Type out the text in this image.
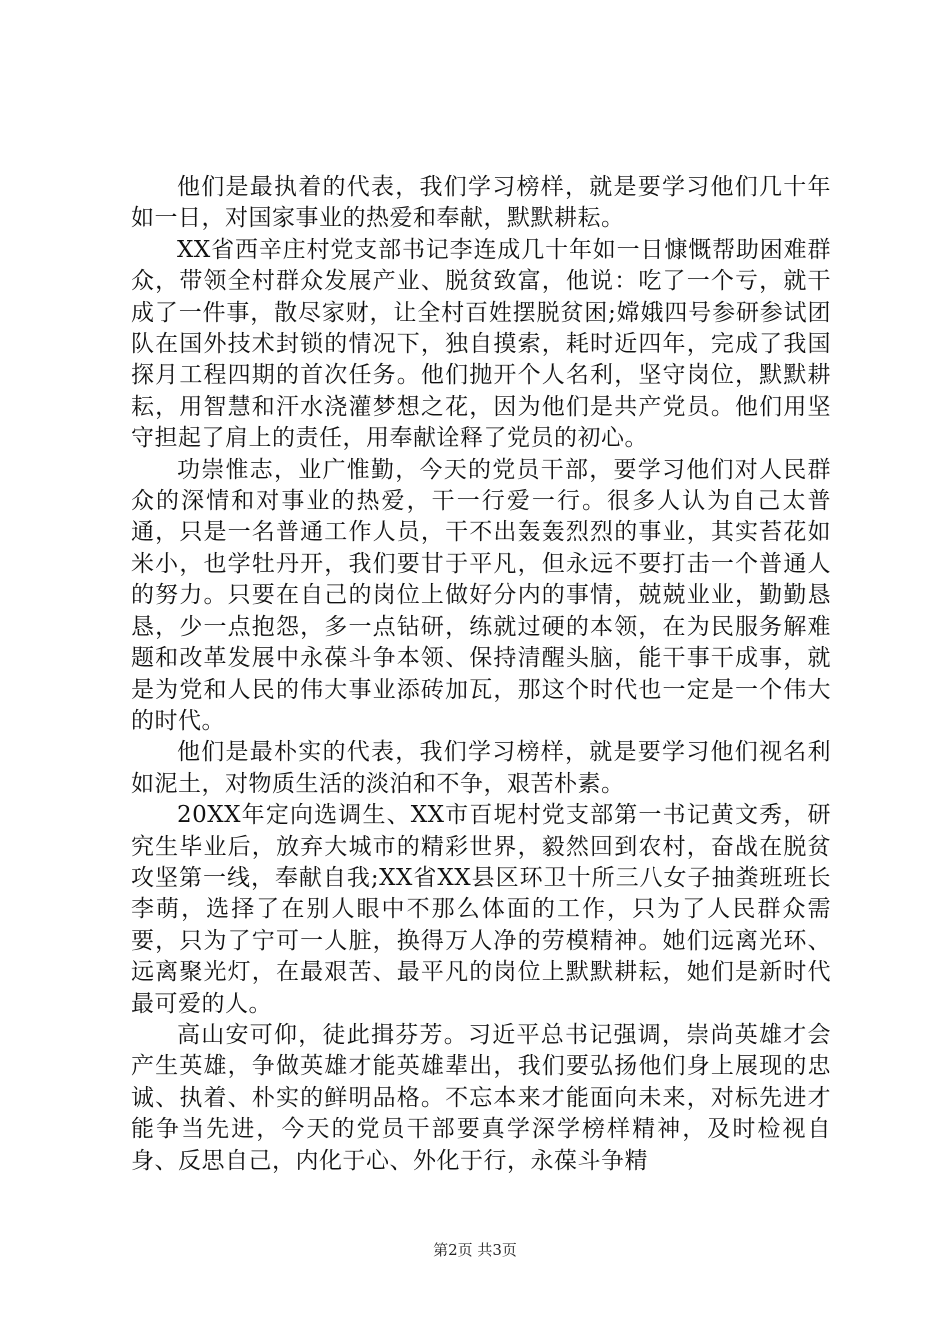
他们是最执着的代表，我们学习榜样，就是要学习他们几十年如一日，对国家事业的热爱和奉献，默默耕耘。

XX省西辛庄村党支部书记李连成几十年如一日慷慨帮助困难群众，带领全村群众发展产业、脱贫致富，他说：吃了一个亏，就干成了一件事，散尽家财，让全村百姓摆脱贫困;嫦娥四号参研参试团队在国外技术封锁的情况下，独自摸索，耗时近四年，完成了我国探月工程四期的首次任务。他们抛开个人名利，坚守岗位，默默耕耘，用智慧和汗水浇灌梦想之花，因为他们是共产党员。他们用坚守担起了肩上的责任，用奉献诠释了党员的初心。

功崇惟志，业广惟勤，今天的党员干部，要学习他们对人民群众的深情和对事业的热爱，干一行爱一行。很多人认为自己太普通，只是一名普通工作人员，干不出轰轰烈烈的事业，其实苔花如米小，也学牡丹开，我们要甘于平凡，但永远不要打击一个普通人的努力。只要在自己的岗位上做好分内的事情，兢兢业业，勤勤恳恳，少一点抱怨，多一点钻研，练就过硬的本领，在为民服务解难题和改革发展中永葆斗争本领、保持清醒头脑，能干事干成事，就是为党和人民的伟大事业添砖加瓦，那这个时代也一定是一个伟大的时代。

他们是最朴实的代表，我们学习榜样，就是要学习他们视名利如泥土，对物质生活的淡泊和不争，艰苦朴素。

20XX年定向选调生、XX市百坭村党支部第一书记黄文秀，研究生毕业后，放弃大城市的精彩世界，毅然回到农村，奋战在脱贫攻坚第一线，奉献自我;XX省XX县区环卫十所三八女子抽粪班班长李萌，选择了在别人眼中不那么体面的工作，只为了人民群众需要，只为了宁可一人脏，换得万人净的劳模精神。她们远离光环、远离聚光灯，在最艰苦、最平凡的岗位上默默耕耘，她们是新时代最可爱的人。

高山安可仰，徒此揖芬芳。习近平总书记强调，崇尚英雄才会产生英雄，争做英雄才能英雄辈出，我们要弘扬他们身上展现的忠诚、执着、朴实的鲜明品格。不忘本来才能面向未来，对标先进才能争当先进，今天的党员干部要真学深学榜样精神，及时检视自身、反思自己，内化于心、外化于行，永葆斗争精

第2页 共3页
